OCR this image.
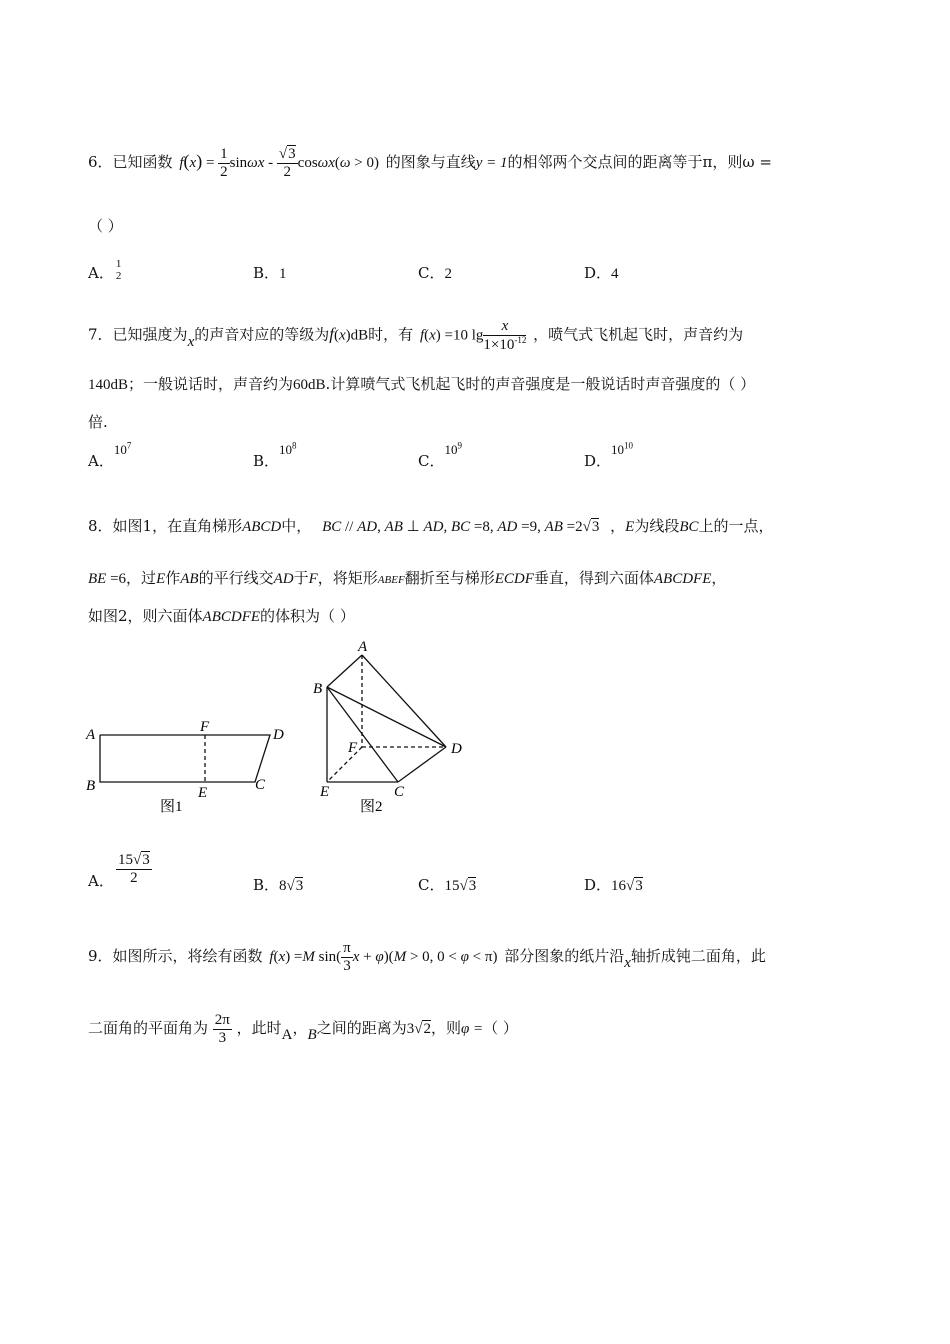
6．已知函数 $f(x) = \frac{1}{2}$ $\sin\omega x - \frac{√3}{2} \cos\omega x(\omega > 0)$ 的图象与直线y = 1的相邻两个交点间的距离等于π，则ω =
（ ）
A．
1
2	B．1	C．2	D．4
7．已知强度为x的声音对应的等级为f(x)dB时，有 f(x) =10 $\lg \frac{x}{1\times 10^{-12}}$ ，喷气式飞机起飞时，声音约为
140dB；一般说话时，声音约为60dB.计算喷气式飞机起飞时的声音强度是一般说话时声音强度的（ ）
倍.
A．$10^7$
B．$10^8$
C．$10^9$
D．$10^{10}$
8．如图1，在直角梯形ABCD中， BC // AD, AB ⊥ AD, BC =8, AD =9, AB =2√3 ，E为线段BC上的一点，
BE =6，过E作AB的平行线交AD于F，将矩形ABEF翻折至与梯形ECDF垂直，得到六面体ABCDFE，
如图2，则六面体ABCDFE的体积为（ ）
A
B
F	D
C
E
图1
A
B
F	D
C
E
图2
A． $\frac{15√3}{2}$	B．8√3	C．15√3	D．16√3
9．如图所示，将绘有函数 f(x) =M $\sin( \frac{\pi}{3}$ x + φ)(M > 0, 0 < φ < π) 部分图象的纸片沿x轴折成钝二面角，此
二面角的平面角为 $\frac{2\pi}{3}$ ，此时A，B之间的距离为3√2，则φ =（ ）
